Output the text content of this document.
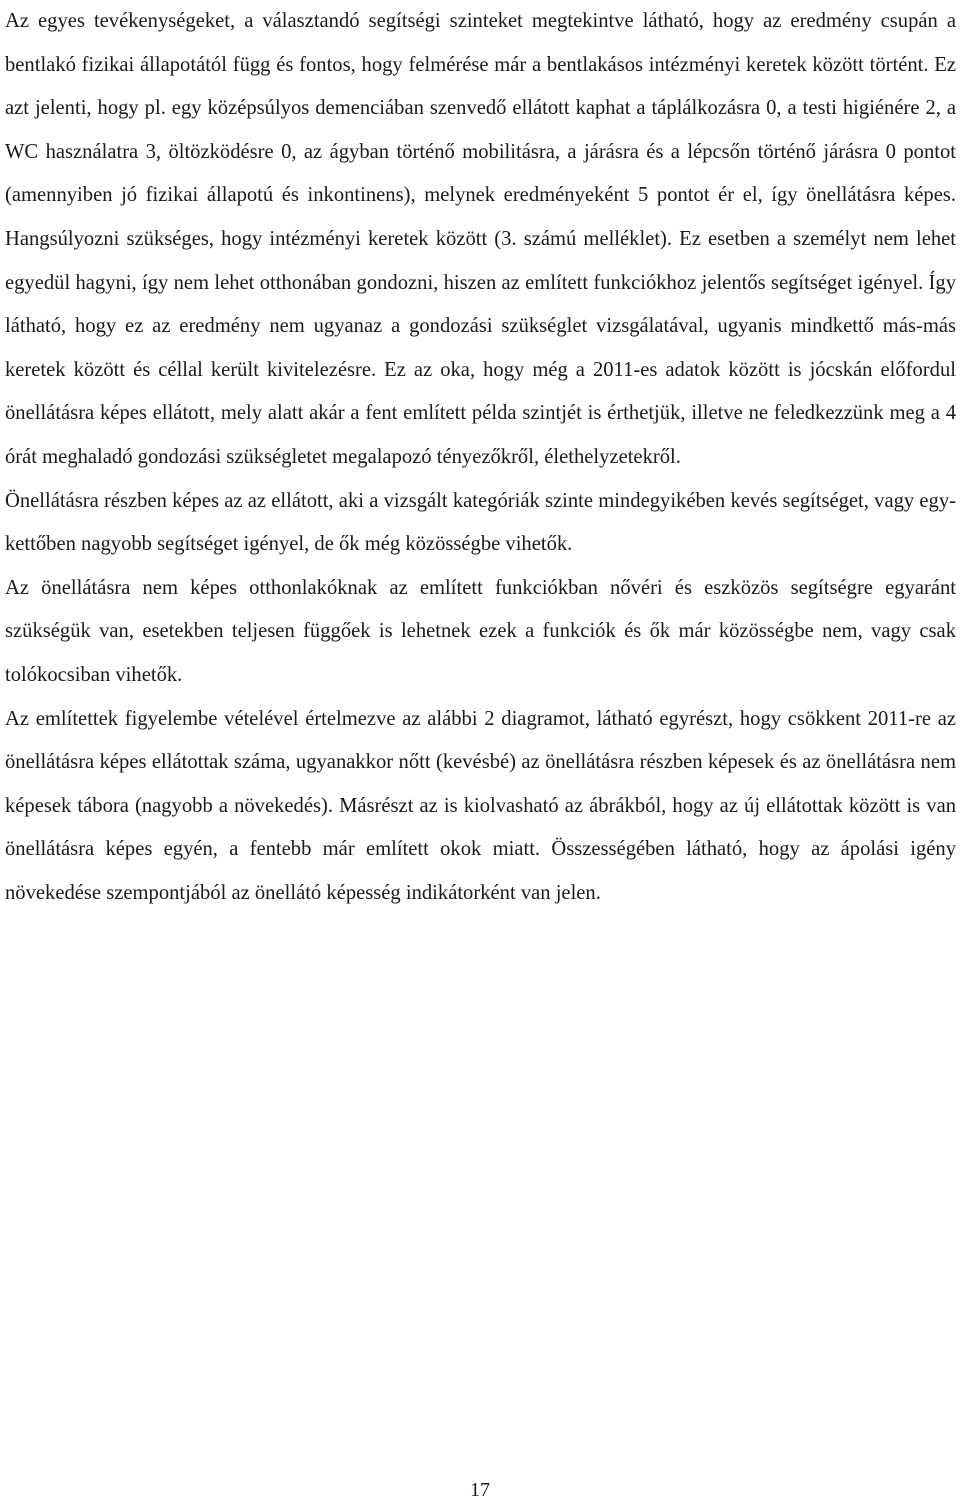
Az egyes tevékenységeket, a választandó segítségi szinteket megtekintve látható, hogy az eredmény csupán a bentlakó fizikai állapotától függ és fontos, hogy felmérése már a bentlakásos intézményi keretek között történt. Ez azt jelenti, hogy pl. egy középsúlyos demenciában szenvedő ellátott kaphat a táplálkozásra 0, a testi higiénére 2, a WC használatra 3, öltözködésre 0, az ágyban történő mobilitásra, a járásra és a lépcsőn történő járásra 0 pontot (amennyiben jó fizikai állapotú és inkontinens), melynek eredményeként 5 pontot ér el, így önellátásra képes. Hangsúlyozni szükséges, hogy intézményi keretek között (3. számú melléklet). Ez esetben a személyt nem lehet egyedül hagyni, így nem lehet otthonában gondozni, hiszen az említett funkciókhoz jelentős segítséget igényel. Így látható, hogy ez az eredmény nem ugyanaz a gondozási szükséglet vizsgálatával, ugyanis mindkettő más-más keretek között és céllal került kivitelezésre. Ez az oka, hogy még a 2011-es adatok között is jócskán előfordul önellátásra képes ellátott, mely alatt akár a fent említett példa szintjét is érthetjük, illetve ne feledkezzünk meg a 4 órát meghaladó gondozási szükségletet megalapozó tényezőkről, élethelyzetekről.

Önellátásra részben képes az az ellátott, aki a vizsgált kategóriák szinte mindegyikében kevés segítséget, vagy egy-kettőben nagyobb segítséget igényel, de ők még közösségbe vihetők.

Az önellátásra nem képes otthonlakóknak az említett funkciókban nővéri és eszközös segítségre egyaránt szükségük van, esetekben teljesen függőek is lehetnek ezek a funkciók és ők már közösségbe nem, vagy csak tolókocsiban vihetők.

Az említettek figyelembe vételével értelmezve az alábbi 2 diagramot, látható egyrészt, hogy csökkent 2011-re az önellátásra képes ellátottak száma, ugyanakkor nőtt (kevésbé) az önellátásra részben képesek és az önellátásra nem képesek tábora (nagyobb a növekedés). Másrészt az is kiolvasható az ábrákból, hogy az új ellátottak között is van önellátásra képes egyén, a fentebb már említett okok miatt. Összességében látható, hogy az ápolási igény növekedése szempontjából az önellátó képesség indikátorként van jelen.

17
